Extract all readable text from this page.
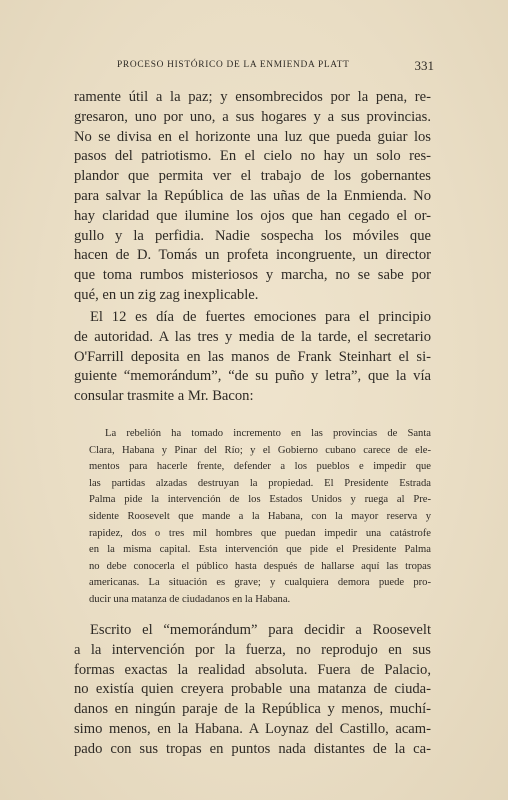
PROCESO HISTÓRICO DE LA ENMIENDA PLATT	331
ramente útil a la paz; y ensombrecidos por la pena, re-
gresaron, uno por uno, a sus hogares y a sus provincias.
No se divisa en el horizonte una luz que pueda guiar los
pasos del patriotismo. En el cielo no hay un solo res-
plandor que permita ver el trabajo de los gobernantes
para salvar la República de las uñas de la Enmienda. No
hay claridad que ilumine los ojos que han cegado el or-
gullo y la perfidia. Nadie sospecha los móviles que
hacen de D. Tomás un profeta incongruente, un director
que toma rumbos misteriosos y marcha, no se sabe por
qué, en un zig zag inexplicable.
El 12 es día de fuertes emociones para el principio
de autoridad. A las tres y media de la tarde, el secretario
O'Farrill deposita en las manos de Frank Steinhart el si-
guiente “memorándum”, “de su puño y letra”, que la vía
consular trasmite a Mr. Bacon:
La rebelión ha tomado incremento en las provincias de Santa
Clara, Habana y Pinar del Río; y el Gobierno cubano carece de ele-
mentos para hacerle frente, defender a los pueblos e impedir que
las partidas alzadas destruyan la propiedad. El Presidente Estrada
Palma pide la intervención de los Estados Unidos y ruega al Pre-
sidente Roosevelt que mande a la Habana, con la mayor reserva y
rapidez, dos o tres mil hombres que puedan impedir una catástrofe
en la misma capital. Esta intervención que pide el Presidente Palma
no debe conocerla el público hasta después de hallarse aquí las tropas
americanas. La situación es grave; y cualquiera demora puede pro-
ducir una matanza de ciudadanos en la Habana.
Escrito el “memorándum” para decidir a Roosevelt
a la intervención por la fuerza, no reprodujo en sus
formas exactas la realidad absoluta. Fuera de Palacio,
no existía quien creyera probable una matanza de ciuda-
danos en ningún paraje de la República y menos, muchí-
simo menos, en la Habana. A Loynaz del Castillo, acam-
pado con sus tropas en puntos nada distantes de la ca-
